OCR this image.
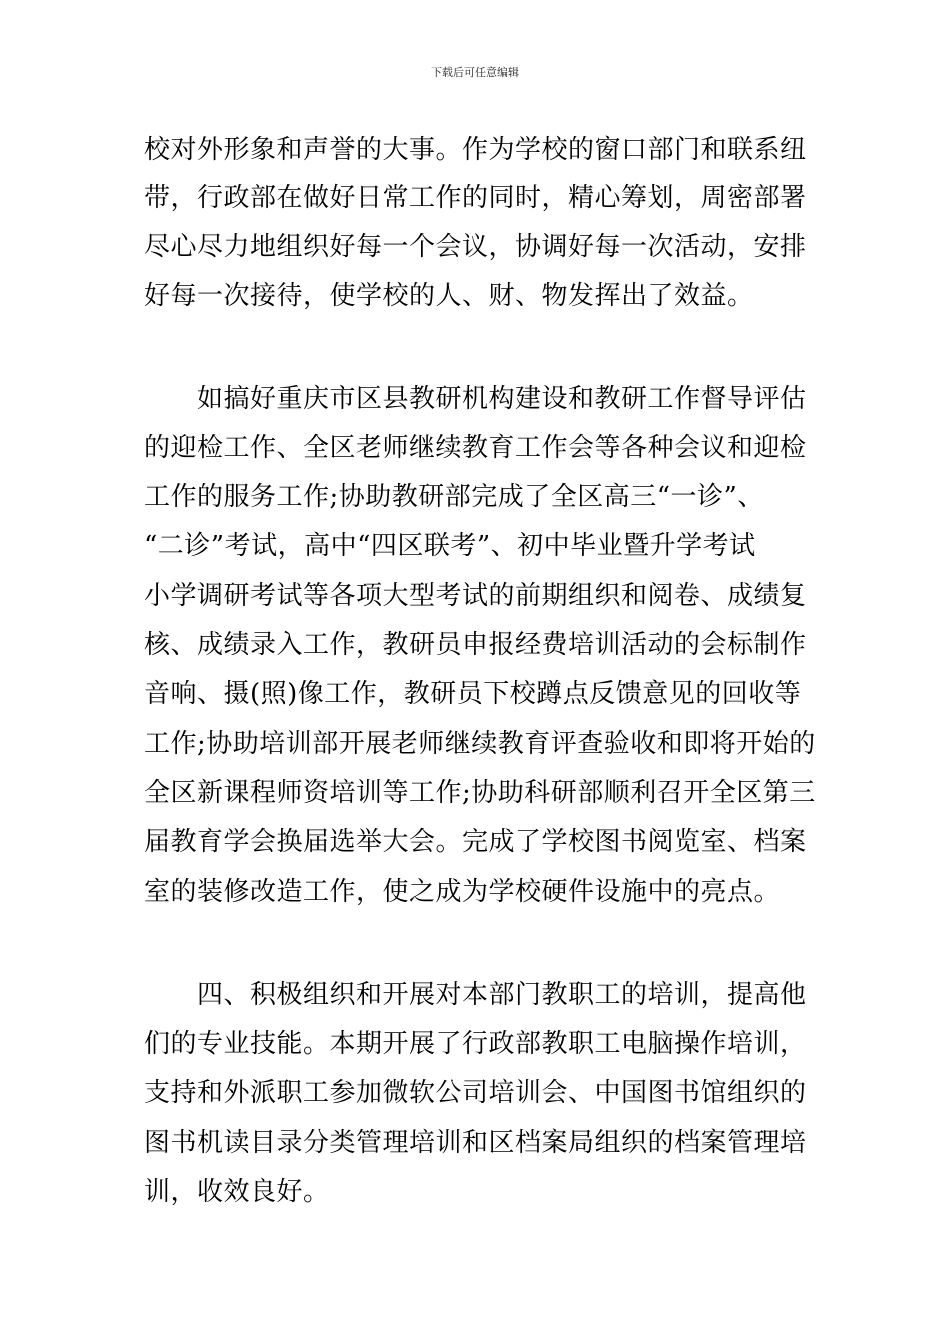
下载后可任意编辑
校对外形象和声誉的大事。作为学校的窗口部门和联系纽
带，行政部在做好日常工作的同时，精心筹划，周密部署
尽心尽力地组织好每一个会议，协调好每一次活动，安排
好每一次接待，使学校的人、财、物发挥出了效益。
　　如搞好重庆市区县教研机构建设和教研工作督导评估
的迎检工作、全区老师继续教育工作会等各种会议和迎检
工作的服务工作;协助教研部完成了全区高三“一诊”、
“二诊”考试，高中“四区联考”、初中毕业暨升学考试
小学调研考试等各项大型考试的前期组织和阅卷、成绩复
核、成绩录入工作，教研员申报经费培训活动的会标制作
音响、摄(照)像工作，教研员下校蹲点反馈意见的回收等
工作;协助培训部开展老师继续教育评查验收和即将开始的
全区新课程师资培训等工作;协助科研部顺利召开全区第三
届教育学会换届选举大会。完成了学校图书阅览室、档案
室的装修改造工作，使之成为学校硬件设施中的亮点。
　　四、积极组织和开展对本部门教职工的培训，提高他
们的专业技能。本期开展了行政部教职工电脑操作培训，
支持和外派职工参加微软公司培训会、中国图书馆组织的
图书机读目录分类管理培训和区档案局组织的档案管理培
训，收效良好。
